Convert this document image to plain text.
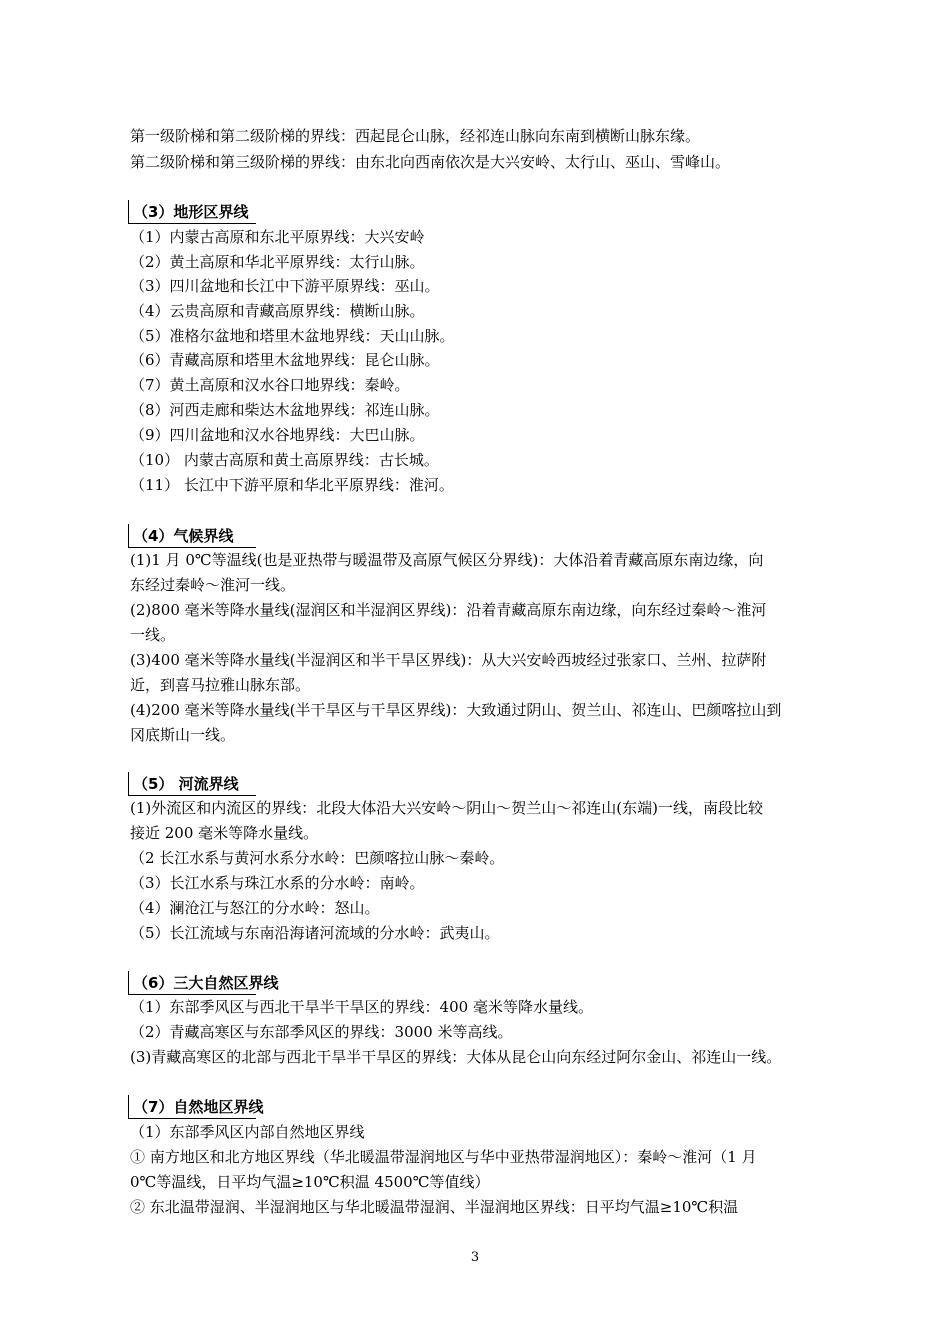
第一级阶梯和第二级阶梯的界线：西起昆仑山脉，经祁连山脉向东南到横断山脉东缘。
第二级阶梯和第三级阶梯的界线：由东北向西南依次是大兴安岭、太行山、巫山、雪峰山。
（3）地形区界线
（1）内蒙古高原和东北平原界线：大兴安岭
（2）黄土高原和华北平原界线：太行山脉。
（3）四川盆地和长江中下游平原界线：巫山。
（4）云贵高原和青藏高原界线：横断山脉。
（5）准格尔盆地和塔里木盆地界线：天山山脉。
（6）青藏高原和塔里木盆地界线：昆仑山脉。
（7）黄土高原和汉水谷口地界线：秦岭。
（8）河西走廊和柴达木盆地界线：祁连山脉。
（9）四川盆地和汉水谷地界线：大巴山脉。
（10） 内蒙古高原和黄土高原界线：古长城。
（11） 长江中下游平原和华北平原界线：淮河。
（4）气候界线
(1)1 月 0℃等温线(也是亚热带与暖温带及高原气候区分界线)：大体沿着青藏高原东南边缘，向
东经过秦岭～淮河一线。
(2)800 毫米等降水量线(湿润区和半湿润区界线)：沿着青藏高原东南边缘，向东经过秦岭～淮河
一线。
(3)400 毫米等降水量线(半湿润区和半干旱区界线)：从大兴安岭西坡经过张家口、兰州、拉萨附
近，到喜马拉雅山脉东部。
(4)200 毫米等降水量线(半干旱区与干旱区界线)：大致通过阴山、贺兰山、祁连山、巴颜喀拉山到
冈底斯山一线。
（5） 河流界线
(1)外流区和内流区的界线：北段大体沿大兴安岭～阴山～贺兰山～祁连山(东端)一线，南段比较
接近 200 毫米等降水量线。
（2 长江水系与黄河水系分水岭：巴颜喀拉山脉～秦岭。
（3）长江水系与珠江水系的分水岭：南岭。
（4）澜沧江与怒江的分水岭：怒山。
（5）长江流域与东南沿海诸河流域的分水岭：武夷山。
（6）三大自然区界线
（1）东部季风区与西北干旱半干旱区的界线：400 毫米等降水量线。
（2）青藏高寒区与东部季风区的界线：3000 米等高线。
(3)青藏高寒区的北部与西北干旱半干旱区的界线：大体从昆仑山向东经过阿尔金山、祁连山一线。
（7）自然地区界线
（1）东部季风区内部自然地区界线
① 南方地区和北方地区界线（华北暖温带湿润地区与华中亚热带湿润地区）：秦岭～淮河（1 月
0℃等温线，日平均气温≥10℃积温 4500℃等值线）
② 东北温带湿润、半湿润地区与华北暖温带湿润、半湿润地区界线：日平均气温≥10℃积温
3
